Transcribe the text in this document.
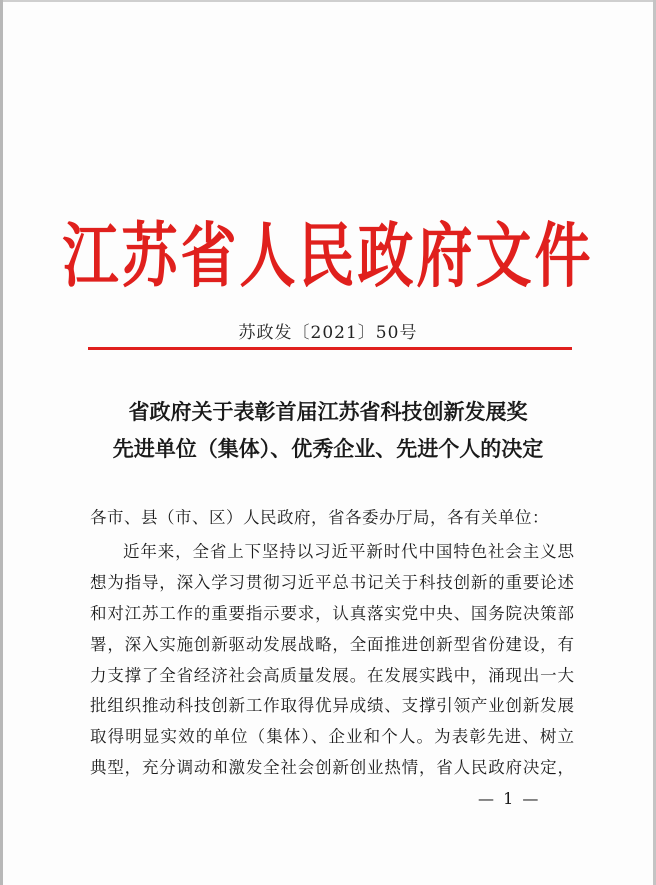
江苏省人民政府文件
苏政发〔2021〕50号
省政府关于表彰首届江苏省科技创新发展奖
先进单位（集体）、优秀企业、先进个人的决定
各市、县（市、区）人民政府，省各委办厅局，各有关单位：
近年来，全省上下坚持以习近平新时代中国特色社会主义思
想为指导，深入学习贯彻习近平总书记关于科技创新的重要论述
和对江苏工作的重要指示要求，认真落实党中央、国务院决策部
署，深入实施创新驱动发展战略，全面推进创新型省份建设，有
力支撑了全省经济社会高质量发展。在发展实践中，涌现出一大
批组织推动科技创新工作取得优异成绩、支撑引领产业创新发展
取得明显实效的单位（集体）、企业和个人。为表彰先进、树立
典型，充分调动和激发全社会创新创业热情，省人民政府决定，
— 1 —
